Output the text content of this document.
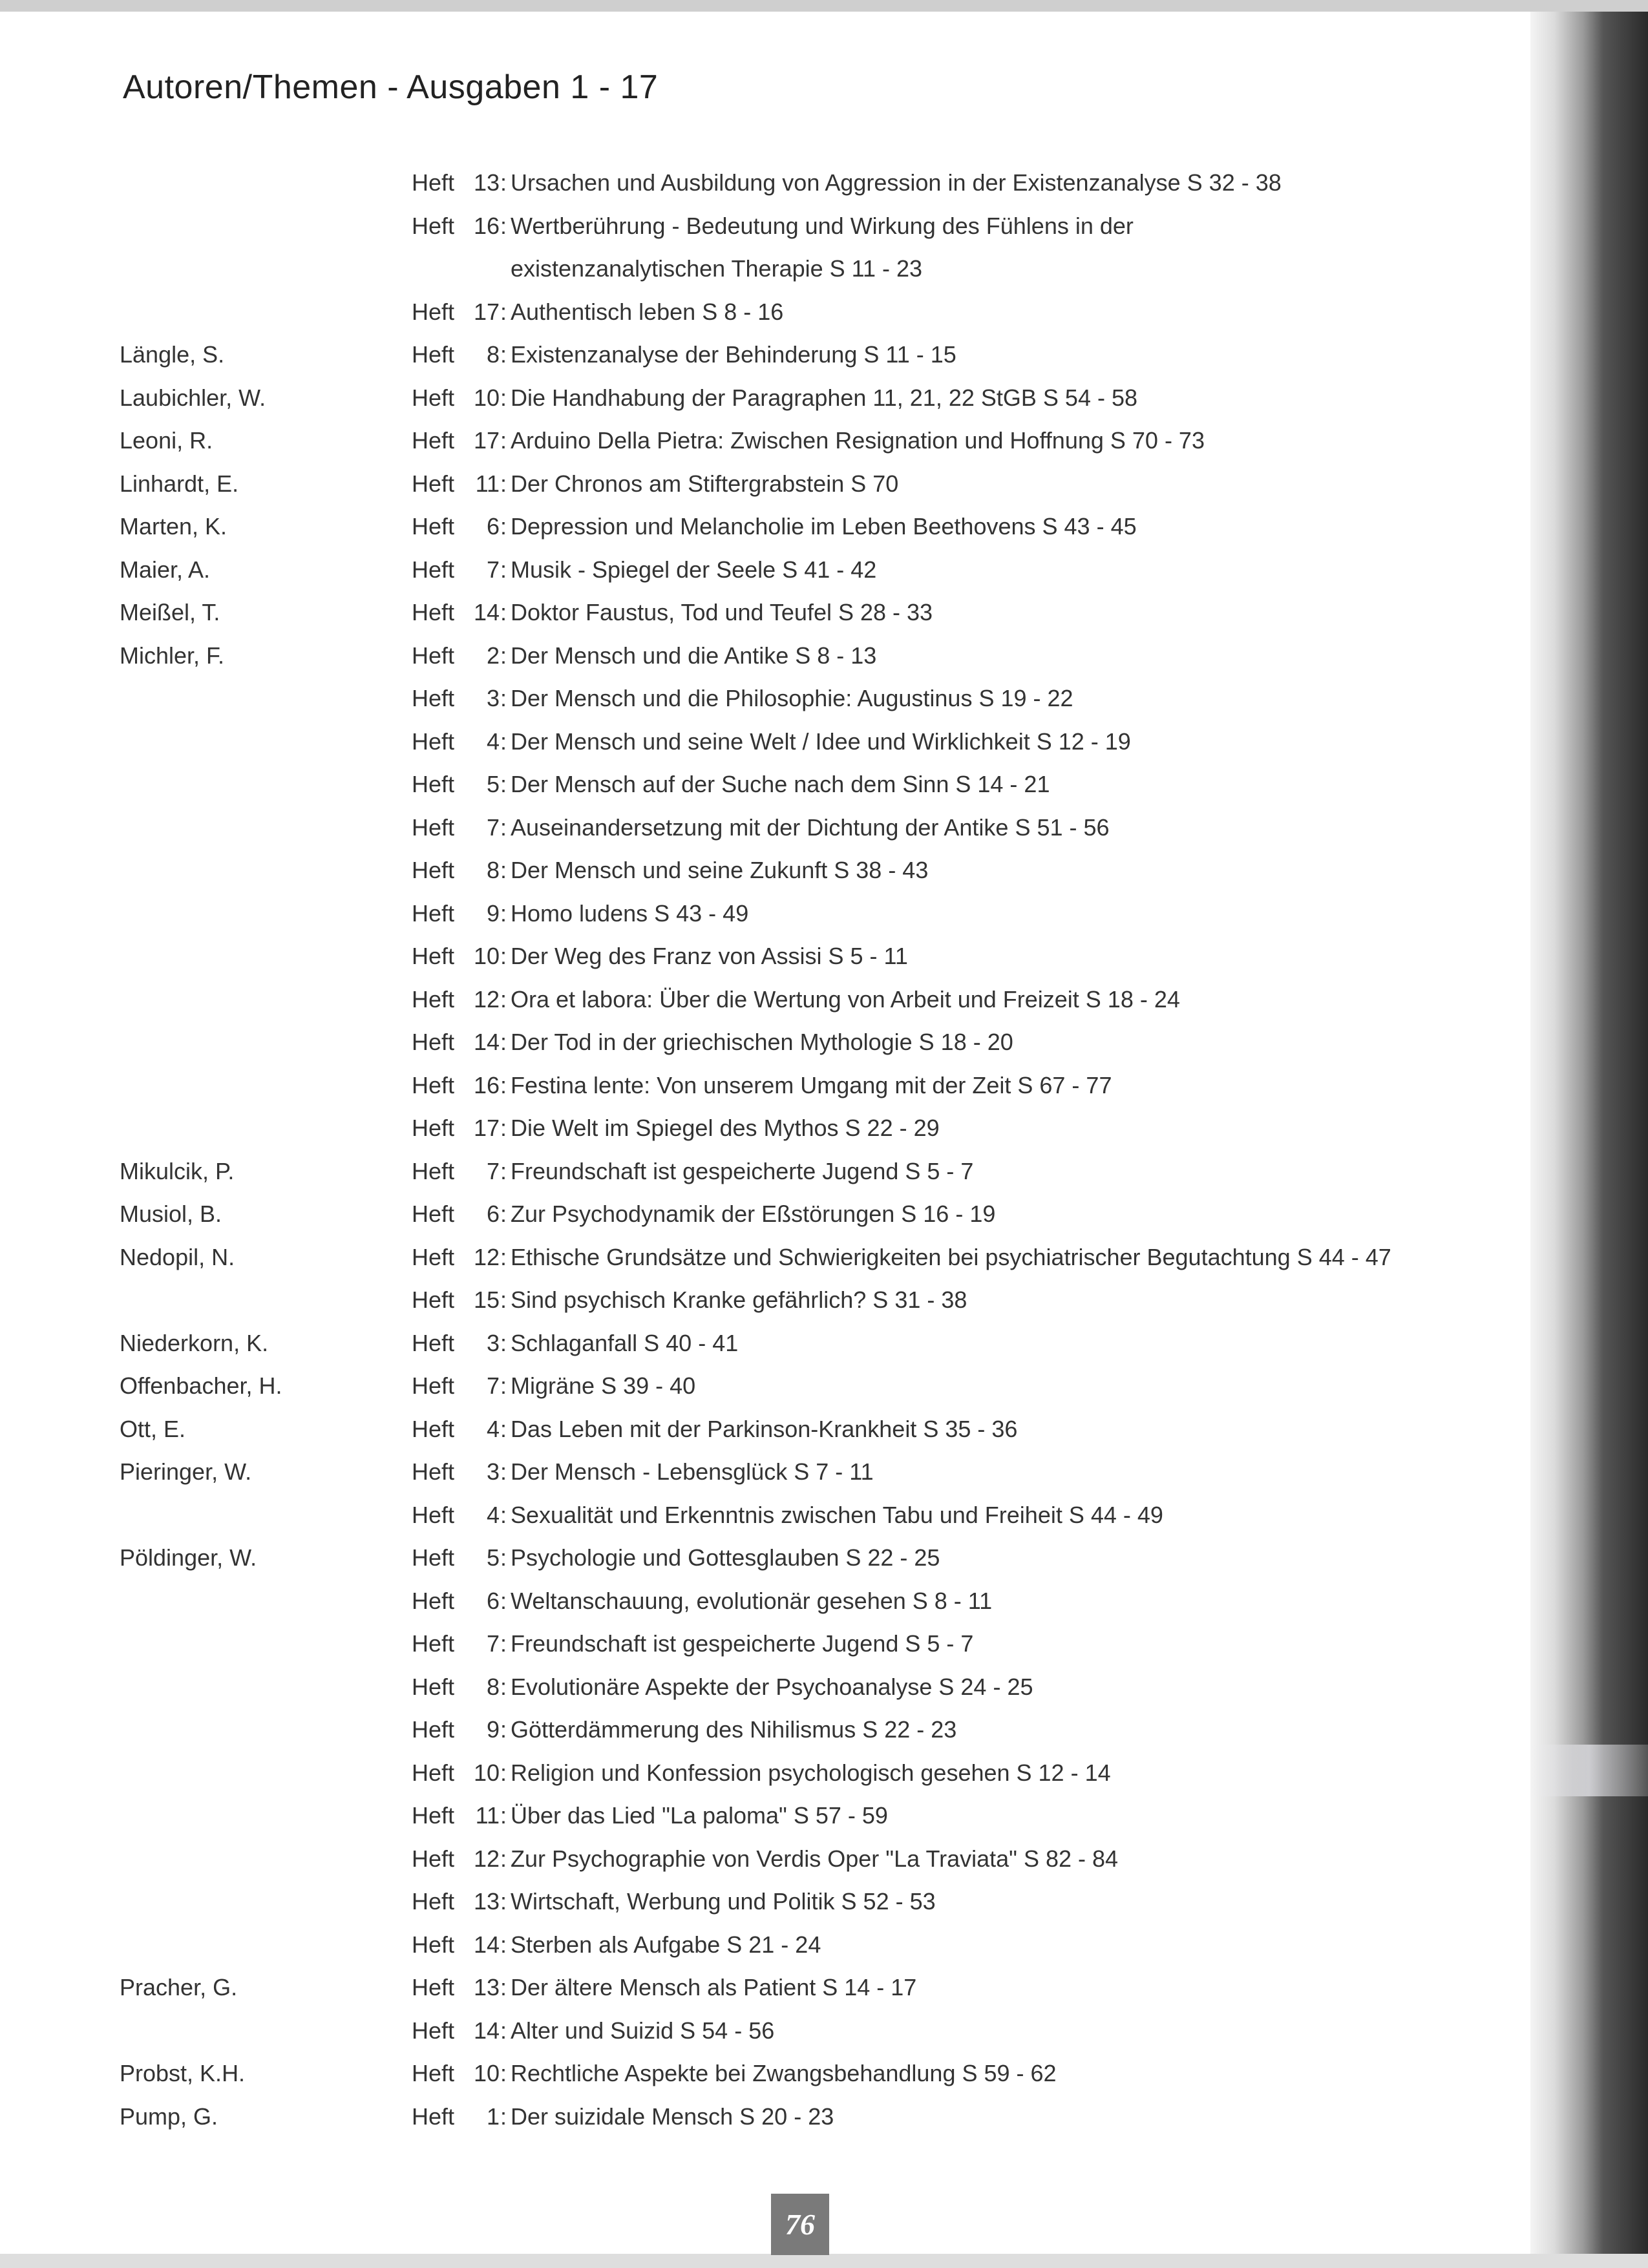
Autoren/Themen - Ausgaben 1 - 17
Heft 13 : Ursachen und Ausbildung von Aggression in der Existenzanalyse S 32 - 38
Heft 16 : Wertberührung - Bedeutung und Wirkung des Fühlens in der
existenzanalytischen Therapie S 11 - 23
Heft 17 : Authentisch leben S 8 - 16
Längle, S.	Heft	8 : Existenzanalyse der Behinderung S 11 - 15
Laubichler, W.	Heft 10 : Die Handhabung der Paragraphen 11, 21, 22 StGB S 54 - 58
Leoni, R.	Heft 17 : Arduino Della Pietra: Zwischen Resignation und Hoffnung S 70 - 73
Linhardt, E.	Heft 11 : Der Chronos am Stiftergrabstein S 70
Marten, K.	Heft	6 : Depression und Melancholie im Leben Beethovens S 43 - 45
Maier, A.	Heft	7 : Musik - Spiegel der Seele S 41 - 42
Meißel, T.	Heft 14 : Doktor Faustus, Tod und Teufel S 28 - 33
Michler, F.	Heft	2 : Der Mensch und die Antike S 8 - 13
Heft	3 : Der Mensch und die Philosophie: Augustinus S 19 - 22
Heft	4 : Der Mensch und seine Welt / Idee und Wirklichkeit S 12 - 19
Heft	5 : Der Mensch auf der Suche nach dem Sinn S 14 - 21
Heft	7 : Auseinandersetzung mit der Dichtung der Antike S 51 - 56
Heft	8 : Der Mensch und seine Zukunft S 38 - 43
Heft	9 : Homo ludens S 43 - 49
Heft 10 : Der Weg des Franz von Assisi S 5 - 11
Heft 12 : Ora et labora: Über die Wertung von Arbeit und Freizeit S 18 - 24
Heft 14 : Der Tod in der griechischen Mythologie S 18 - 20
Heft 16 : Festina lente: Von unserem Umgang mit der Zeit S 67 - 77
Heft 17 : Die Welt im Spiegel des Mythos S 22 - 29
Mikulcik, P.	Heft	7 : Freundschaft ist gespeicherte Jugend S 5 - 7
Musiol, B.	Heft	6 : Zur Psychodynamik der Eßstörungen S 16 - 19
Nedopil, N.	Heft 12 : Ethische Grundsätze und Schwierigkeiten bei psychiatrischer Begutachtung S 44 - 47
Heft 15 : Sind psychisch Kranke gefährlich? S 31 - 38
Niederkorn, K.	Heft	3 : Schlaganfall S 40 - 41
Offenbacher, H.	Heft	7 : Migräne S 39 - 40
Ott, E.	Heft	4 : Das Leben mit der Parkinson-Krankheit S 35 - 36
Pieringer, W.	Heft	3 : Der Mensch - Lebensglück S 7 - 11
Heft	4 : Sexualität und Erkenntnis zwischen Tabu und Freiheit S 44 - 49
Pöldinger, W.	Heft	5 : Psychologie und Gottesglauben S 22 - 25
Heft	6 : Weltanschauung, evolutionär gesehen S 8 - 11
Heft	7 : Freundschaft ist gespeicherte Jugend S 5 - 7
Heft	8 : Evolutionäre Aspekte der Psychoanalyse S 24 - 25
Heft	9 : Götterdämmerung des Nihilismus S 22 - 23
Heft 10 : Religion und Konfession psychologisch gesehen S 12 - 14
Heft 11 : Über das Lied "La paloma" S 57 - 59
Heft 12 : Zur Psychographie von Verdis Oper "La Traviata" S 82 - 84
Heft 13 : Wirtschaft, Werbung und Politik S 52 - 53
Heft 14 : Sterben als Aufgabe S 21 - 24
Pracher, G.	Heft 13 : Der ältere Mensch als Patient S 14 - 17
Heft 14 : Alter und Suizid S 54 - 56
Probst, K.H.	Heft 10 : Rechtliche Aspekte bei Zwangsbehandlung S 59 - 62
Pump, G.	Heft	1 : Der suizidale Mensch S 20 - 23
76
